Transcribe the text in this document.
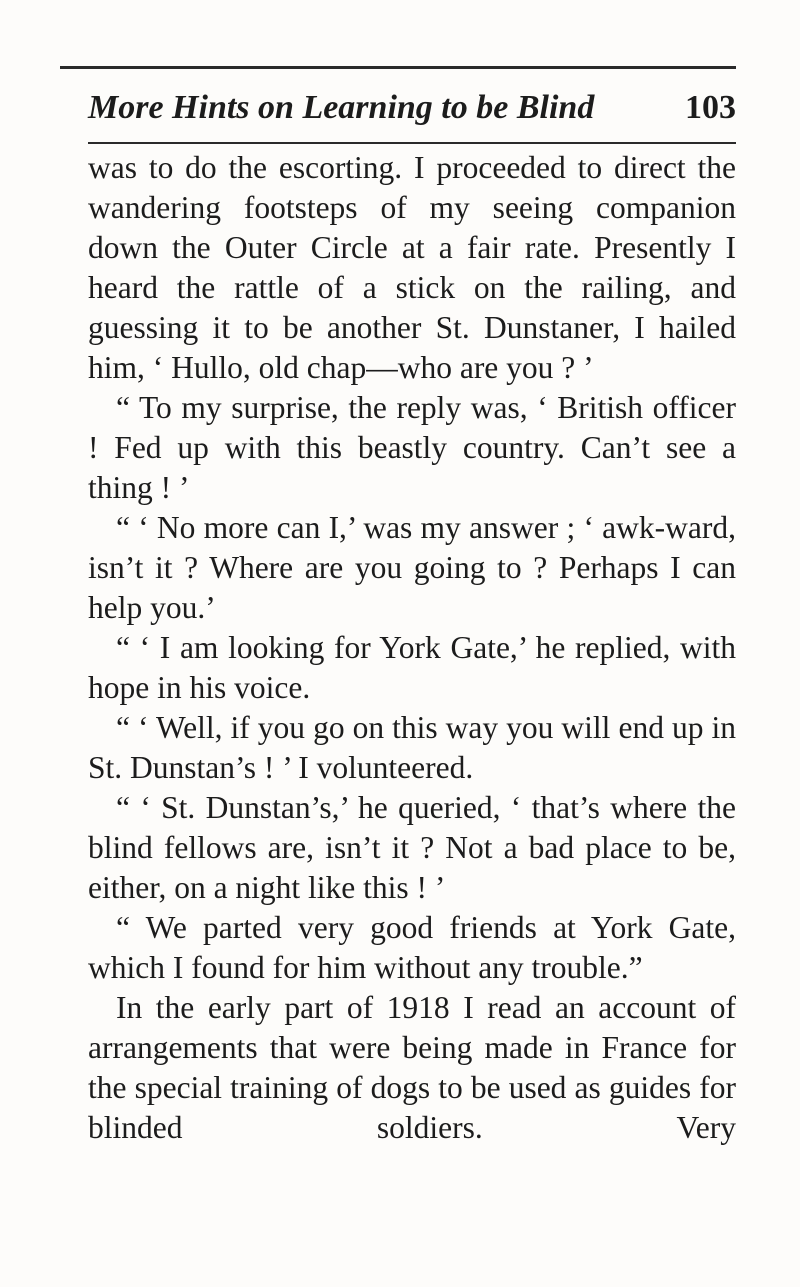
More Hints on Learning to be Blind	103

was to do the escorting. I proceeded to direct the wandering footsteps of my seeing companion down the Outer Circle at a fair rate. Presently I heard the rattle of a stick on the railing, and guessing it to be another St. Dunstaner, I hailed him, ‘ Hullo, old chap—who are you ? ’

“ To my surprise, the reply was, ‘ British officer ! Fed up with this beastly country. Can’t see a thing ! ’

“ ‘ No more can I,’ was my answer ; ‘ awk-ward, isn’t it ? Where are you going to ? Perhaps I can help you.’

“ ‘ I am looking for York Gate,’ he replied, with hope in his voice.

“ ‘ Well, if you go on this way you will end up in St. Dunstan’s ! ’ I volunteered.

“ ‘ St. Dunstan’s,’ he queried, ‘ that’s where the blind fellows are, isn’t it ? Not a bad place to be, either, on a night like this ! ’

“ We parted very good friends at York Gate, which I found for him without any trouble.”

In the early part of 1918 I read an account of arrangements that were being made in France for the special training of dogs to be used as guides for blinded soldiers. Very
